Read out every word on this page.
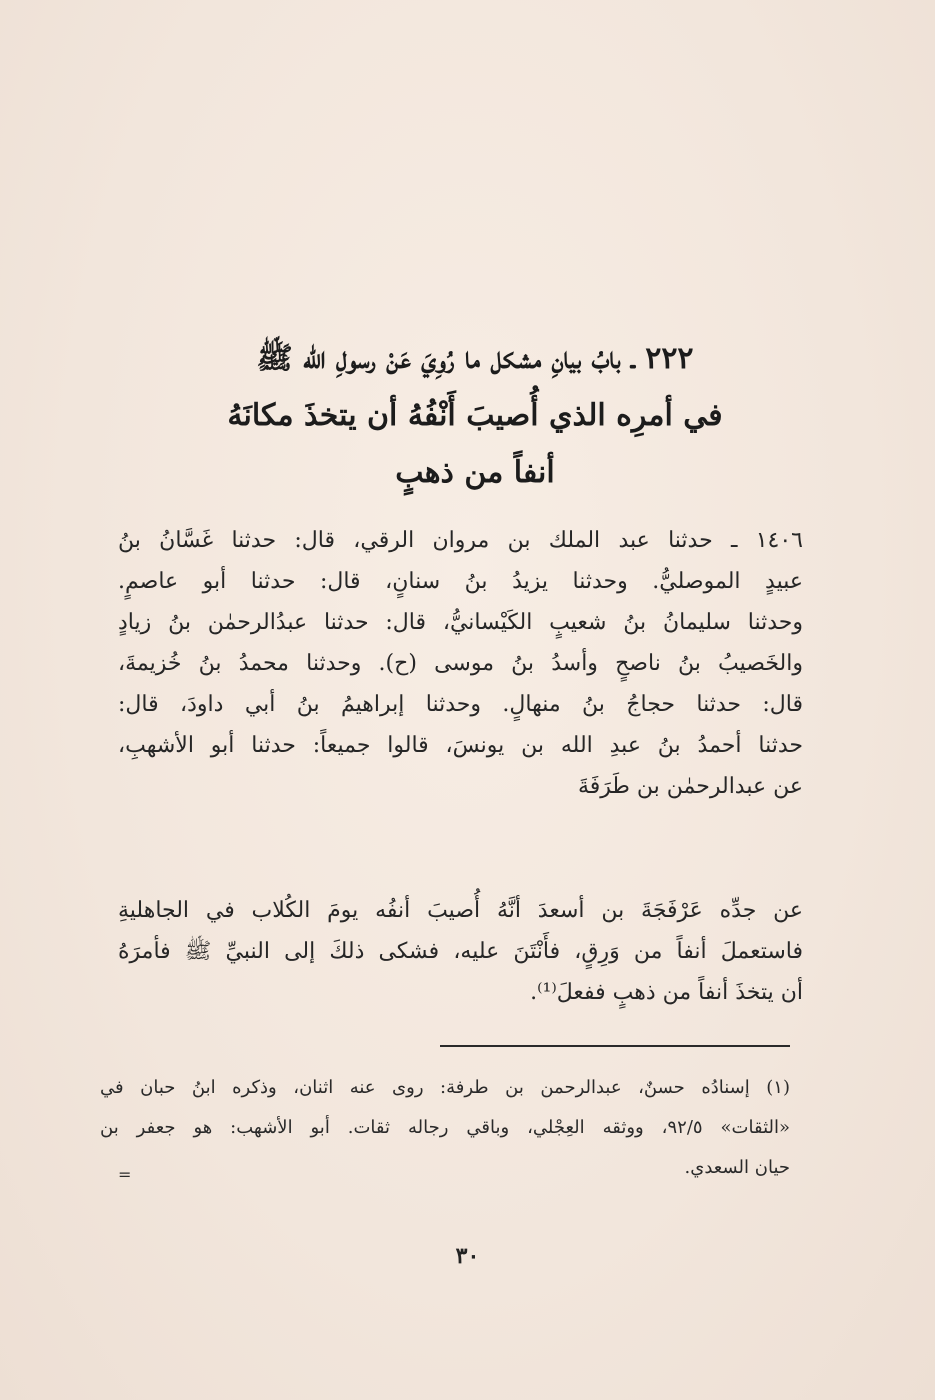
٢٢٢ ـ بابُ بيانِ مشكل ما رُوِيَ عَنْ رسولِ الله ﷺ
في أمرِه الذي أُصيبَ أَنْفُهُ أن يتخذَ مكانَهُ
أنفاً من ذهبٍ
١٤٠٦ ـ حدثنا عبد الملك بن مروان الرقي، قال: حدثنا غَسَّانُ بنُ
عبيدٍ الموصليُّ. وحدثنا يزيدُ بنُ سنانٍ، قال: حدثنا أبو عاصمٍ.
وحدثنا سليمانُ بنُ شعيبٍ الكَيْسانيُّ، قال: حدثنا عبدُالرحمٰن بنُ زيادٍ
والخَصيبُ بنُ ناصحٍ وأسدُ بنُ موسى (ح). وحدثنا محمدُ بنُ خُزيمةَ،
قال: حدثنا حجاجُ بنُ منهالٍ. وحدثنا إبراهيمُ بنُ أبي داودَ، قال:
حدثنا أحمدُ بنُ عبدِ الله بن يونسَ، قالوا جميعاً: حدثنا أبو الأشهبِ،
عن عبدالرحمٰن بن طَرَفَةَ
عن جدِّه عَرْفَجَةَ بن أسعدَ أنَّهُ أُصيبَ أنفُه يومَ الكُلاب في الجاهليةِ
فاستعملَ أنفاً من وَرِقٍ، فأَنْتَنَ عليه، فشكى ذلكَ إلى النبيِّ ﷺ فأمرَهُ
أن يتخذَ أنفاً من ذهبٍ ففعلَ⁽¹⁾.
(١) إسنادُه حسنٌ، عبدالرحمن بن طرفة: روى عنه اثنان، وذكره ابنُ حبان في
«الثقات» ٩٢/٥، ووثقه العِجْلي، وباقي رجاله ثقات. أبو الأشهب: هو جعفر بن
حيان السعدي.
=
٣٠
